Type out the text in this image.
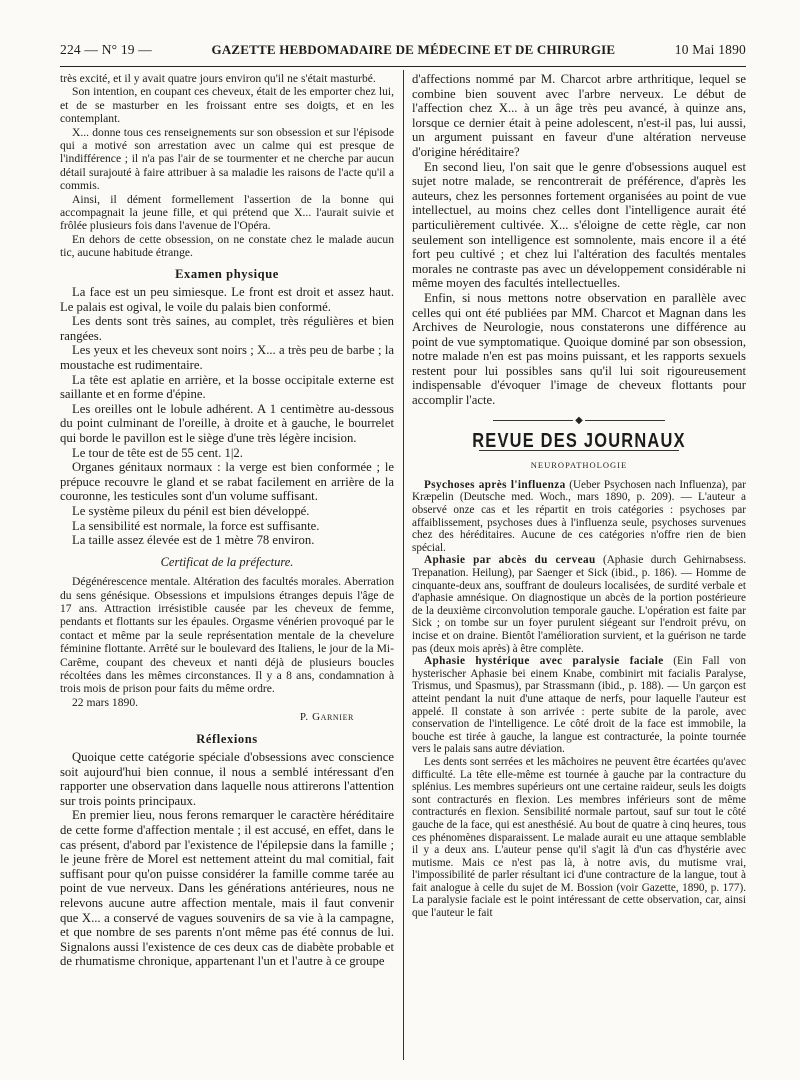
224 — N° 19 —	GAZETTE HEBDOMADAIRE DE MÉDECINE ET DE CHIRURGIE	10 Mai 1890

très excité, et il y avait quatre jours environ qu'il ne s'était masturbé.

Son intention, en coupant ces cheveux, était de les emporter chez lui, et de se masturber en les froissant entre ses doigts, et en les contemplant.

X... donne tous ces renseignements sur son obsession et sur l'épisode qui a motivé son arrestation avec un calme qui est presque de l'indifférence ; il n'a pas l'air de se tourmenter et ne cherche par aucun détail surajouté à faire attribuer à sa maladie les raisons de l'acte qu'il a commis.

Ainsi, il dément formellement l'assertion de la bonne qui accompagnait la jeune fille, et qui prétend que X... l'aurait suivie et frôlée plusieurs fois dans l'avenue de l'Opéra.

En dehors de cette obsession, on ne constate chez le malade aucun tic, aucune habitude étrange.

Examen physique

La face est un peu simiesque. Le front est droit et assez haut. Le palais est ogival, le voile du palais bien conformé.

Les dents sont très saines, au complet, très régulières et bien rangées.

Les yeux et les cheveux sont noirs ; X... a très peu de barbe ; la moustache est rudimentaire.

La tête est aplatie en arrière, et la bosse occipitale externe est saillante et en forme d'épine.

Les oreilles ont le lobule adhérent. A 1 centimètre au-dessous du point culminant de l'oreille, à droite et à gauche, le bourrelet qui borde le pavillon est le siège d'une très légère incision.

Le tour de tête est de 55 cent. 1|2.

Organes génitaux normaux : la verge est bien conformée ; le prépuce recouvre le gland et se rabat facilement en arrière de la couronne, les testicules sont d'un volume suffisant.

Le système pileux du pénil est bien développé.

La sensibilité est normale, la force est suffisante.

La taille assez élevée est de 1 mètre 78 environ.

Certificat de la préfecture.

Dégénérescence mentale. Altération des facultés morales. Aberration du sens génésique. Obsessions et impulsions étranges depuis l'âge de 17 ans. Attraction irrésistible causée par les cheveux de femme, pendants et flottants sur les épaules. Orgasme vénérien provoqué par le contact et même par la seule représentation mentale de la chevelure féminine flottante. Arrêté sur le boulevard des Italiens, le jour de la Mi-Carême, coupant des cheveux et nanti déjà de plusieurs boucles récoltées dans les mêmes circonstances. Il y a 8 ans, condamnation à trois mois de prison pour faits du même ordre.

22 mars 1890.

P. Garnier
Réflexions

Quoique cette catégorie spéciale d'obsessions avec conscience soit aujourd'hui bien connue, il nous a semblé intéressant d'en rapporter une observation dans laquelle nous attirerons l'attention sur trois points principaux.

En premier lieu, nous ferons remarquer le caractère héréditaire de cette forme d'affection mentale ; il est accusé, en effet, dans le cas présent, d'abord par l'existence de l'épilepsie dans la famille ; le jeune frère de Morel est nettement atteint du mal comitial, fait suffisant pour qu'on puisse considérer la famille comme tarée au point de vue nerveux. Dans les générations antérieures, nous ne relevons aucune autre affection mentale, mais il faut convenir que X... a conservé de vagues souvenirs de sa vie à la campagne, et que nombre de ses parents n'ont même pas été connus de lui. Signalons aussi l'existence de ces deux cas de diabète probable et de rhumatisme chronique, appartenant l'un et l'autre à ce groupe

d'affections nommé par M. Charcot arbre arthritique, lequel se combine bien souvent avec l'arbre nerveux. Le début de l'affection chez X... à un âge très peu avancé, à quinze ans, lorsque ce dernier était à peine adolescent, n'est-il pas, lui aussi, un argument puissant en faveur d'une altération nerveuse d'origine héréditaire?

En second lieu, l'on sait que le genre d'obsessions auquel est sujet notre malade, se rencontrerait de préférence, d'après les auteurs, chez les personnes fortement organisées au point de vue intellectuel, au moins chez celles dont l'intelligence aurait été particulièrement cultivée. X... s'éloigne de cette règle, car non seulement son intelligence est somnolente, mais encore il a été fort peu cultivé ; et chez lui l'altération des facultés mentales morales ne contraste pas avec un développement considérable ni même moyen des facultés intellectuelles.

Enfin, si nous mettons notre observation en parallèle avec celles qui ont été publiées par MM. Charcot et Magnan dans les Archives de Neurologie, nous constaterons une différence au point de vue symptomatique. Quoique dominé par son obsession, notre malade n'en est pas moins puissant, et les rapports sexuels restent pour lui possibles sans qu'il lui soit rigoureusement indispensable d'évoquer l'image de cheveux flottants pour accomplir l'acte.

◆
REVUE DES JOURNAUX
NEUROPATHOLOGIE

Psychoses après l'influenza (Ueber Psychosen nach Influenza), par Kræpelin (Deutsche med. Woch., mars 1890, p. 209). — L'auteur a observé onze cas et les répartit en trois catégories : psychoses par affaiblissement, psychoses dues à l'influenza seule, psychoses survenues chez des héréditaires. Aucune de ces catégories n'offre rien de bien spécial.

Aphasie par abcès du cerveau (Aphasie durch Gehirnabsess. Trepanation. Heilung), par Saenger et Sick (ibid., p. 186). — Homme de cinquante-deux ans, souffrant de douleurs localisées, de surdité verbale et d'aphasie amnésique. On diagnostique un abcès de la portion postérieure de la deuxième circonvolution temporale gauche. L'opération est faite par Sick ; on tombe sur un foyer purulent siégeant sur l'endroit prévu, on incise et on draine. Bientôt l'amélioration survient, et la guérison ne tarde pas (deux mois après) à être complète.

Aphasie hystérique avec paralysie faciale (Ein Fall von hysterischer Aphasie bei einem Knabe, combinirt mit facialis Paralyse, Trismus, und Spasmus), par Strassmann (ibid., p. 188). — Un garçon est atteint pendant la nuit d'une attaque de nerfs, pour laquelle l'auteur est appelé. Il constate à son arrivée : perte subite de la parole, avec conservation de l'intelligence. Le côté droit de la face est immobile, la bouche est tirée à gauche, la langue est contracturée, la pointe tournée vers le palais sans autre déviation.

Les dents sont serrées et les mâchoires ne peuvent être écartées qu'avec difficulté. La tête elle-même est tournée à gauche par la contracture du splénius. Les membres supérieurs ont une certaine raideur, seuls les doigts sont contracturés en flexion. Les membres inférieurs sont de même contracturés en flexion. Sensibilité normale partout, sauf sur tout le côté gauche de la face, qui est anesthésié. Au bout de quatre à cinq heures, tous ces phénomènes disparaissent. Le malade aurait eu une attaque semblable il y a deux ans. L'auteur pense qu'il s'agit là d'un cas d'hystérie avec mutisme. Mais ce n'est pas là, à notre avis, du mutisme vrai, l'impossibilité de parler résultant ici d'une contracture de la langue, tout à fait analogue à celle du sujet de M. Bossion (voir Gazette, 1890, p. 177). La paralysie faciale est le point intéressant de cette observation, car, ainsi que l'auteur le fait
